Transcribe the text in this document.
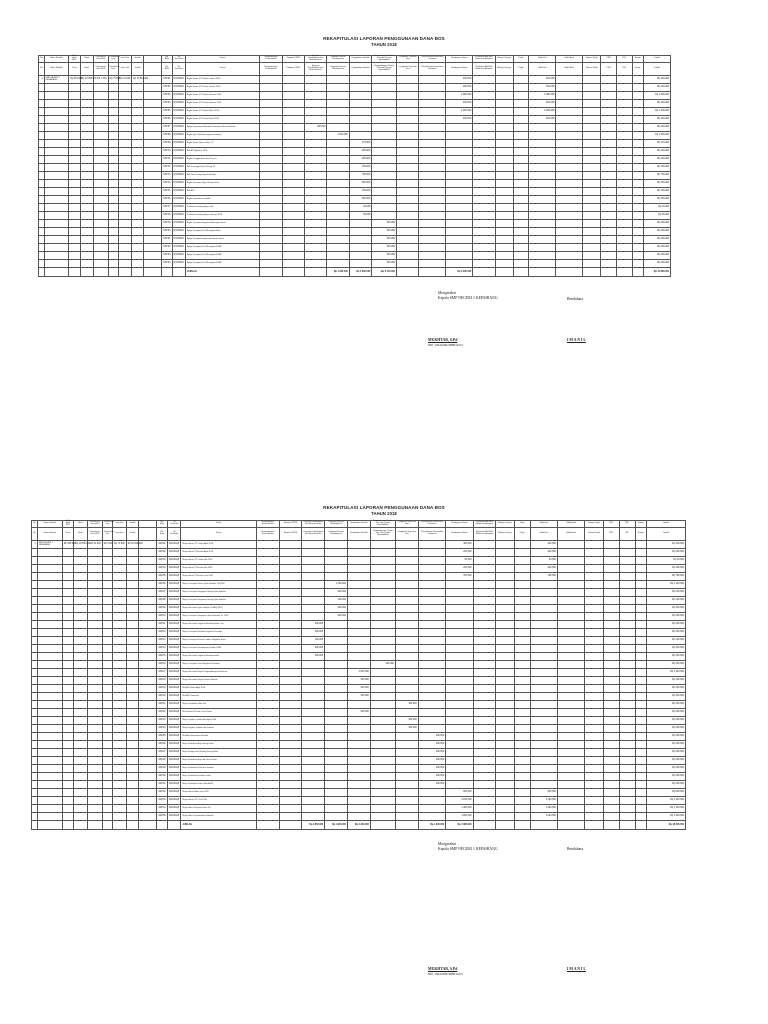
REKAPITULASI LAPORAN PENGGUNAAN DANA BOS
TAHUN 2018
No	Nama Sekolah	Saldo Awal BPO	Bank	Penerimaan Dana BOS	Penerimaan Lain	Jasa Giro	Jumlah		No. Bukti	Tgl Transaksi	Uraian	Pengembangan Perpustakaan	Kegiatan PPDB	Kegiatan Pembelajaran dan Ekstrakurikuler	Kegiatan Evaluasi Pembelajaran	Pengelolaan Sekolah	Pengembangan Profesi Guru dan Tenaga Kependidikan	Langganan Daya dan Jasa	Pemeliharaan Sarana dan Prasarana	Pembayaran Honor	Pembelian Alat Multi Media Pembelajaran	Belanja Lainnya	Pajak	Saldo Kas	Saldo Bank	Setoran Pajak	PPN	PPh	Bunga	Jumlah
No	Nama Sekolah	Tunai	Bank	Penerimaan Dana BOS	Penerimaan Lain	Jasa Giro	Jumlah		No. Bukti	Tgl Transaksi	Uraian	Pengembangan Perpustakaan	Kegiatan PPDB	Kegiatan Pembelajaran dan Ekstrakurikuler	Kegiatan Evaluasi Pembelajaran	Pengelolaan Sekolah	Pengembangan Profesi Guru dan Tenaga Kependidikan	Langganan Daya dan Jasa	Pemeliharaan Sarana dan Prasarana	Pembayaran Honor	Pembelian Alat Multi Media Pembelajaran	Belanja Lainnya	Pajak	Saldo Kas	Saldo Bank	Setoran Pajak	PPN	PPh	Bunga	Jumlah
1	SMP NEGERI 1 KEPAHIANG	Rp 315.000	Rp 10.095.000	Rp 7.000	Rp 75.650	Rp 31.000	Rp 10.524.000		001/01	2/10/2018	Bayar Honor GTT bulan Januari 2018									400.000				400.000						Rp 400.000
									001/02	2/10/2018	Bayar Honor PTK bulan Januari 2018									200.000				200.000						Rp 200.000
									001/03	2/10/2018	Bayar Honor GTT bulan Februari 2018									1.080.000				1.080.000						Rp 1.080.000
									001/04	2/10/2018	Bayar Honor PTK bulan Februari 2018									400.000				400.000						Rp 400.000
									001/05	2/10/2018	Bayar Honor GTT bulan Maret 2018									1.200.000				1.200.000						Rp 1.200.000
									001/06	2/10/2018	Bayar Honor PTK bulan Maret 2018									400.000				400.000						Rp 400.000
									001/07	2/10/2018	Biaya Operasional Sekolah Pembinaan Ekstrakurikuler			200.000																Rp 200.000
									001/08	2/10/2018	Bayar Ujian Sekolah Kegiatan Evaluasi				1.050.000															Rp 1.050.000
									001/09	2/10/2018	Bayar Kertas Rapor Kelas 7-9					270.000														Rp 270.000
									001/10	2/10/2018	Beli ATK Agustus 2018					200.000														Rp 200.000
									001/11	2/10/2018	Bayar Penggandaan Soal Try out					200.000														Rp 200.000
									001/12	2/10/2018	Beli Cartridge Printer Ruang TU					150.000														Rp 150.000
									001/13	2/10/2018	Beli Tinta Ruang Kepala Sekolah					750.000														Rp 750.000
									001/14	2/10/2018	Bayar Konsumsi Rapat Dewan Guru					500.000														Rp 500.000
									001/15	2/10/2018	Beli ATK					150.000														Rp 150.000
									001/16	2/10/2018	Bayar Kebersihan Sekolah					500.000														Rp 500.000
									001/17	2/10/2018	Pembelian Perlengkapan Lab					40.000														Rp 40.000
									001/18	2/10/2018	Pembelian Perlengkapan Lainnya 2018					50.000														Rp 50.000
									001/19	2/10/2018	Bayar Transport Kegiatan Bimbingan Teknis						300.000													Rp 300.000
									001/20	2/10/2018	Biaya Transport Guru Mengikuti Diklat						300.000													Rp 300.000
									001/21	2/10/2018	Biaya Transport Kepala Sekolah ke Dinas						300.000													Rp 300.000
									001/22	2/10/2018	Biaya Transport Guru Mengikuti MGMP						300.000													Rp 300.000
									001/23	2/10/2018	Biaya Transport Guru Mengikuti MGMP						300.000													Rp 300.000
									001/24	2/10/2018	Biaya Transport Guru Mengikuti MGMP						300.000													Rp 300.000
											JUMLAH				Rp 1.250.000	Rp 1.800.000	Rp 3.710.000			Rp 4.435.000										Rp 10.095.000
Mengetahui
Kepala SMP NEGERI 1 KEPAHIANG	Bendahara
MUKHTAR, S.Pd
NIP. 196410061988031015
I M A N I L
REKAPITULASI LAPORAN PENGGUNAAN DANA BOS
TAHUN 2018
No	Nama Sekolah	Saldo Awal BPO	Bank	Penerimaan Dana BOS	Penerimaan Lain	Jasa Giro	Jumlah		No. Bukti	Tgl Transaksi	Uraian	Pengembangan Perpustakaan	Kegiatan PPDB	Kegiatan Pembelajaran dan Ekstrakurikuler	Kegiatan Evaluasi Pembelajaran	Pengelolaan Sekolah	Pengembangan Profesi Guru dan Tenaga Kependidikan	Langganan Daya dan Jasa	Pemeliharaan Sarana dan Prasarana	Pembayaran Honor	Pembelian Alat Multi Media Pembelajaran	Belanja Lainnya	Pajak	Saldo Kas	Saldo Bank	Setoran Pajak	PPN	PPh	Bunga	Jumlah
No	Nama Sekolah	Tunai	Bank	Penerimaan Dana BOS	Penerimaan Lain	Jasa Giro	Jumlah		No. Bukti	Tgl Transaksi	Uraian	Pengembangan Perpustakaan	Kegiatan PPDB	Kegiatan Pembelajaran dan Ekstrakurikuler	Kegiatan Evaluasi Pembelajaran	Pengelolaan Sekolah	Pengembangan Profesi Guru dan Tenaga Kependidikan	Langganan Daya dan Jasa	Pemeliharaan Sarana dan Prasarana	Pembayaran Honor	Pembelian Alat Multi Media Pembelajaran	Belanja Lainnya	Pajak	Saldo Kas	Saldo Bank	Setoran Pajak	PPN	PPh	Bunga	Jumlah
1	SMP NEGERI 1 KEPAHIANG	Rp 355.000	Rp 18.535.000	Rp 21.000	Rp 8.000	Rp 71.600	Rp 18.920.000		002/01	10/4/2018	Bayar Honor GTT bulan April 2018									400.000				400.000						Rp 400.000
									002/02	10/4/2018	Bayar Honor PTK bulan April 2018									200.000				200.000						Rp 200.000
									002/03	10/4/2018	Bayar Honor GTT bulan Mei 2018									50.000				50.000						Rp 50.000
									002/04	10/4/2018	Bayar Honor PTK bulan Mei 2018									200.000				200.000						Rp 200.000
									002/05	10/4/2018	Bayar Honor PTK bulan Juni 2018									780.000				780.000						Rp 780.000
									002/06	10/4/2018	Bayar Transport Panitia Ujian Sekolah T.A 2018				1.100.000															Rp 1.100.000
									002/07	10/4/2018	Bayar Transport Pengawas Ruang Ujian Sekolah				200.000															Rp 200.000
									002/08	10/4/2018	Bayar Transport Pengawas Ruang Ujian Sekolah				100.000															Rp 100.000
									002/09	10/4/2018	Bayar Konsumsi Ujian Sekolah (USBN) 2018				300.000															Rp 300.000
									002/10	10/4/2018	Bayar Transport Pengawas Ujian Nasional Th. 2018				200.000															Rp 200.000
									002/11	10/4/2018	Bayar Konsumsi Kegiatan Ekstrakurikuler Osis			200.000																Rp 200.000
									002/12	10/4/2018	Bayar Transport Pembina Kegiatan Pramuka			400.000																Rp 400.000
									002/13	10/4/2018	Bayar Transport Peserta Lomba Olimpiade Sains			100.000																Rp 100.000
									002/14	10/4/2018	Bayar Transport Pendamping Lomba O2SN			300.000																Rp 300.000
									002/15	10/4/2018	Bayar Konsumsi Kegiatan Ekstrakurikuler			400.000																Rp 400.000
									002/16	10/4/2018	Bayar Transport Guru Mengikuti Pelatihan						400.000													Rp 400.000
									002/17	10/4/2018	Bayar Konsumsi Rapat Pengembangan Kurikulum					1.200.000														Rp 1.200.000
									002/18	10/4/2018	Bayar Konsumsi Rapat Komite Sekolah					300.000														Rp 300.000
									002/19	10/4/2018	Beli ATK Bulan April 2018					400.000														Rp 400.000
									002/20	10/4/2018	Beli ATK Semester					300.000														Rp 300.000
									002/21	10/4/2018	Bayar Pembelian Bola Voli							400.000												Rp 400.000
									002/22	10/4/2018	Beli Kertas HVS dan Tinta Printer					200.000														Rp 200.000
									002/23	10/4/2018	Bayar Tagihan Listrik Bulan April 2018							200.000												Rp 200.000
									002/24	10/4/2018	Bayar Tagihan Telepon dan Internet							200.000												Rp 200.000
									002/25	10/4/2018	Beli Alat Kebersihan Sekolah								200.000											Rp 200.000
									002/26	10/4/2018	Biaya Perbaikan Atap Ruang Kelas								200.000											Rp 200.000
									002/27	10/4/2018	Biaya Pengecatan Dinding Ruang Kelas								200.000											Rp 200.000
									002/28	10/4/2018	Biaya Perbaikan Meja dan Kursi Siswa								200.000											Rp 200.000
									002/29	10/4/2018	Biaya Perbaikan Pintu dan Jendela								200.000											Rp 200.000
									002/30	10/4/2018	Biaya Perbaikan Instalasi Listrik								200.000											Rp 200.000
									002/31	10/4/2018	Biaya Perbaikan Kamar Mandi/WC								200.000											Rp 200.000
									002/32	10/4/2018	Bayar Honor Bulan Juni 2018									800.000				800.000						Rp 800.000
									002/33	10/4/2018	Bayar Honor GTT Juli 2018									4.150.000				4.150.000						Rp 4.150.000
									002/34	10/4/2018	Bayar Buku Pelajaran Kelas VII									1.400.000				1.400.000						Rp 1.400.000
									002/35	10/4/2018	Bayar Buku Perpustakaan Sekolah									1.000.000				1.000.000						Rp 1.000.000
											JUMLAH			Rp 1.650.000	Rp 1.900.000	Rp 2.400.000			Rp 1.400.000	Rp 7.980.000										Rp 18.535.000
-
Mengetahui
Kepala SMP NEGERI 1 KEPAHIANG	Bendahara
MUKHTAR, S.Pd
NIP. 196410061988031015
I M A N I L
